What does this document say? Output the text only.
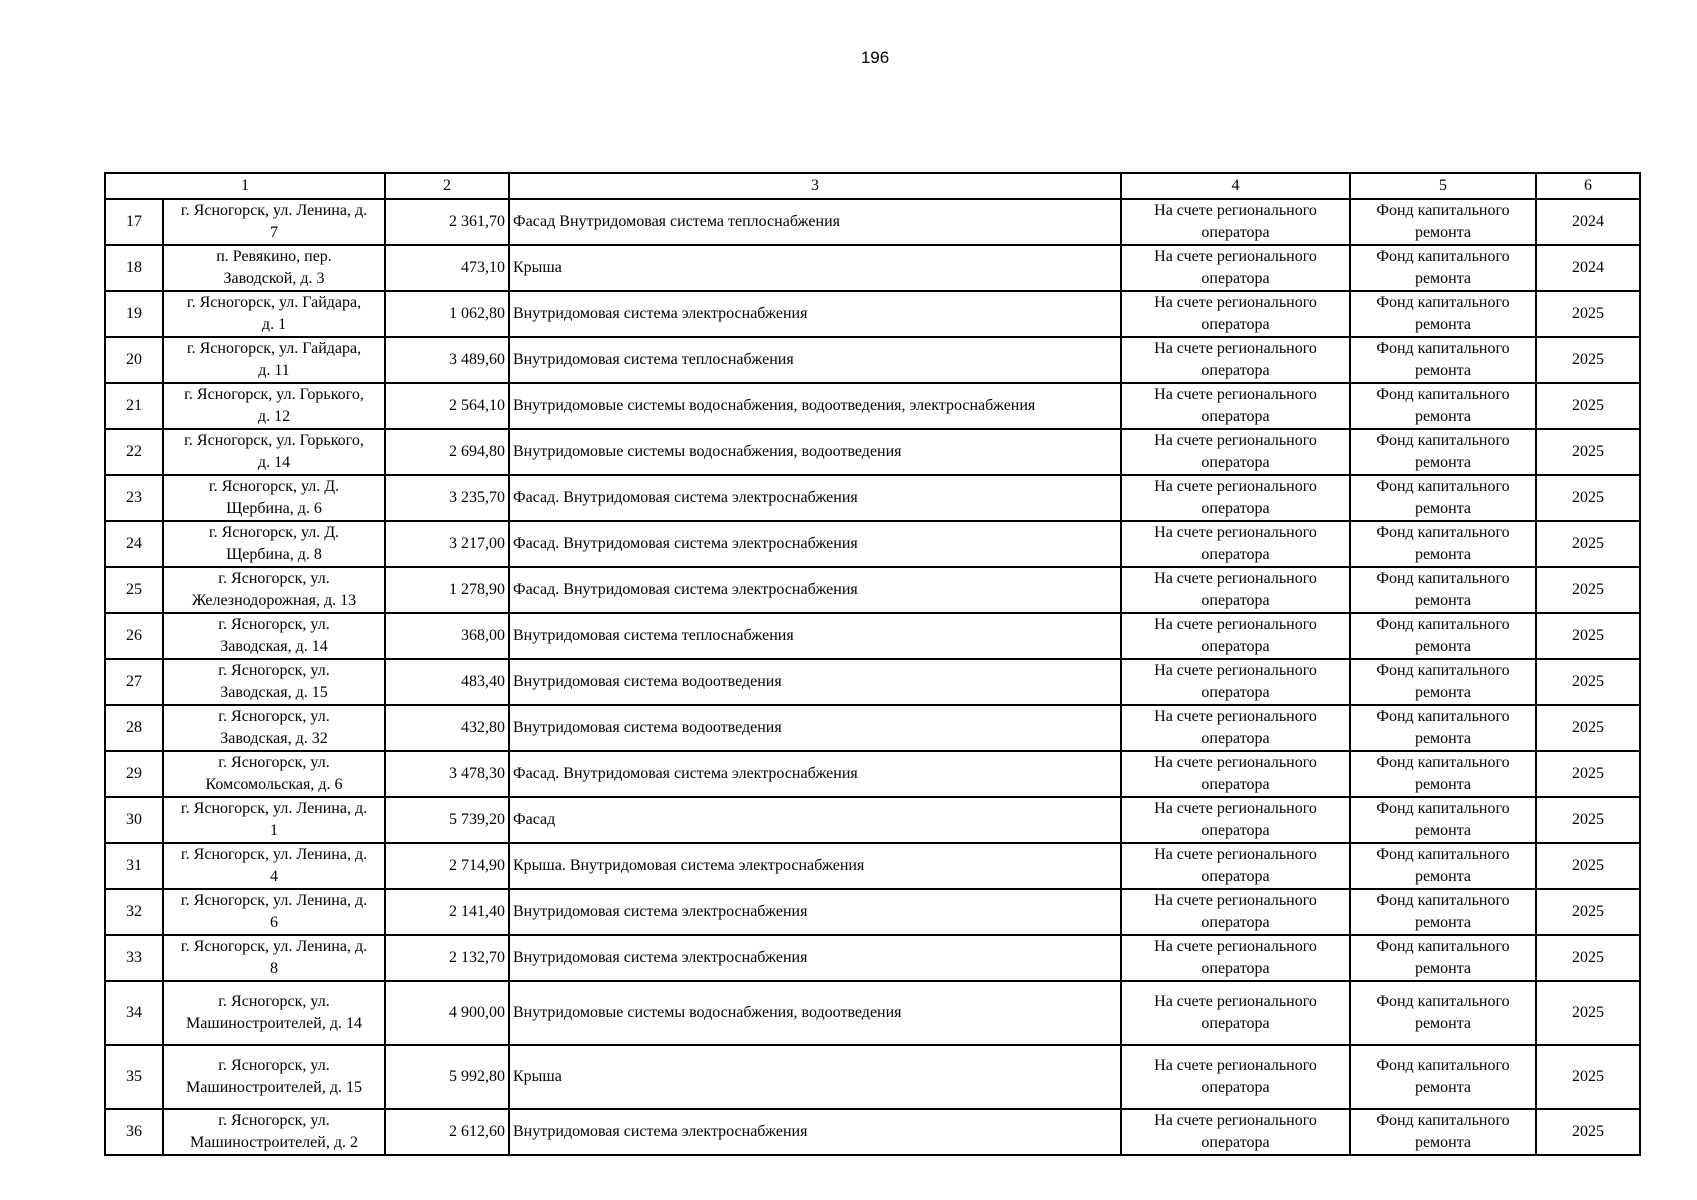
196
1		2	3	4	5	6

17	г. Ясногорск, ул. Ленина, д.
7	2 361,70	Фасад Внутридомовая система теплоснабжения	На счете регионального
оператора	Фонд капитального
ремонта	2024

18	п. Ревякино, пер.
Заводской, д. 3	473,10	Крыша	На счете регионального
оператора	Фонд капитального
ремонта	2024

19	г. Ясногорск, ул. Гайдара,
д. 1	1 062,80	Внутридомовая система электроснабжения	На счете регионального
оператора	Фонд капитального
ремонта	2025

20	г. Ясногорск, ул. Гайдара,
д. 11	3 489,60	Внутридомовая система теплоснабжения	На счете регионального
оператора	Фонд капитального
ремонта	2025

21	г. Ясногорск, ул. Горького,
д. 12	2 564,10	Внутридомовые системы водоснабжения, водоотведения, электроснабжения	На счете регионального
оператора	Фонд капитального
ремонта	2025

22	г. Ясногорск, ул. Горького,
д. 14	2 694,80	Внутридомовые системы водоснабжения, водоотведения	На счете регионального
оператора	Фонд капитального
ремонта	2025

23	г. Ясногорск, ул. Д.
Щербина, д. 6	3 235,70	Фасад. Внутридомовая система электроснабжения	На счете регионального
оператора	Фонд капитального
ремонта	2025

24	г. Ясногорск, ул. Д.
Щербина, д. 8	3 217,00	Фасад. Внутридомовая система электроснабжения	На счете регионального
оператора	Фонд капитального
ремонта	2025

25	г. Ясногорск, ул.
Железнодорожная, д. 13	1 278,90	Фасад. Внутридомовая система электроснабжения	На счете регионального
оператора	Фонд капитального
ремонта	2025

26	г. Ясногорск, ул.
Заводская, д. 14	368,00	Внутридомовая система теплоснабжения	На счете регионального
оператора	Фонд капитального
ремонта	2025

27	г. Ясногорск, ул.
Заводская, д. 15	483,40	Внутридомовая система водоотведения	На счете регионального
оператора	Фонд капитального
ремонта	2025

28	г. Ясногорск, ул.
Заводская, д. 32	432,80	Внутридомовая система водоотведения	На счете регионального
оператора	Фонд капитального
ремонта	2025

29	г. Ясногорск, ул.
Комсомольская, д. 6	3 478,30	Фасад. Внутридомовая система электроснабжения	На счете регионального
оператора	Фонд капитального
ремонта	2025

30	г. Ясногорск, ул. Ленина, д.
1	5 739,20	Фасад	На счете регионального
оператора	Фонд капитального
ремонта	2025

31	г. Ясногорск, ул. Ленина, д.
4	2 714,90	Крыша. Внутридомовая система электроснабжения	На счете регионального
оператора	Фонд капитального
ремонта	2025

32	г. Ясногорск, ул. Ленина, д.
6	2 141,40	Внутридомовая система электроснабжения	На счете регионального
оператора	Фонд капитального
ремонта	2025

33	г. Ясногорск, ул. Ленина, д.
8	2 132,70	Внутридомовая система электроснабжения	На счете регионального
оператора	Фонд капитального
ремонта	2025

34	г. Ясногорск, ул.
Машиностроителей, д. 14	4 900,00	Внутридомовые системы водоснабжения, водоотведения	На счете регионального
оператора	Фонд капитального
ремонта	2025

35	г. Ясногорск, ул.
Машиностроителей, д. 15	5 992,80	Крыша	На счете регионального
оператора	Фонд капитального
ремонта	2025

36	г. Ясногорск, ул.
Машиностроителей, д. 2	2 612,60	Внутридомовая система электроснабжения	На счете регионального
оператора	Фонд капитального
ремонта	2025
